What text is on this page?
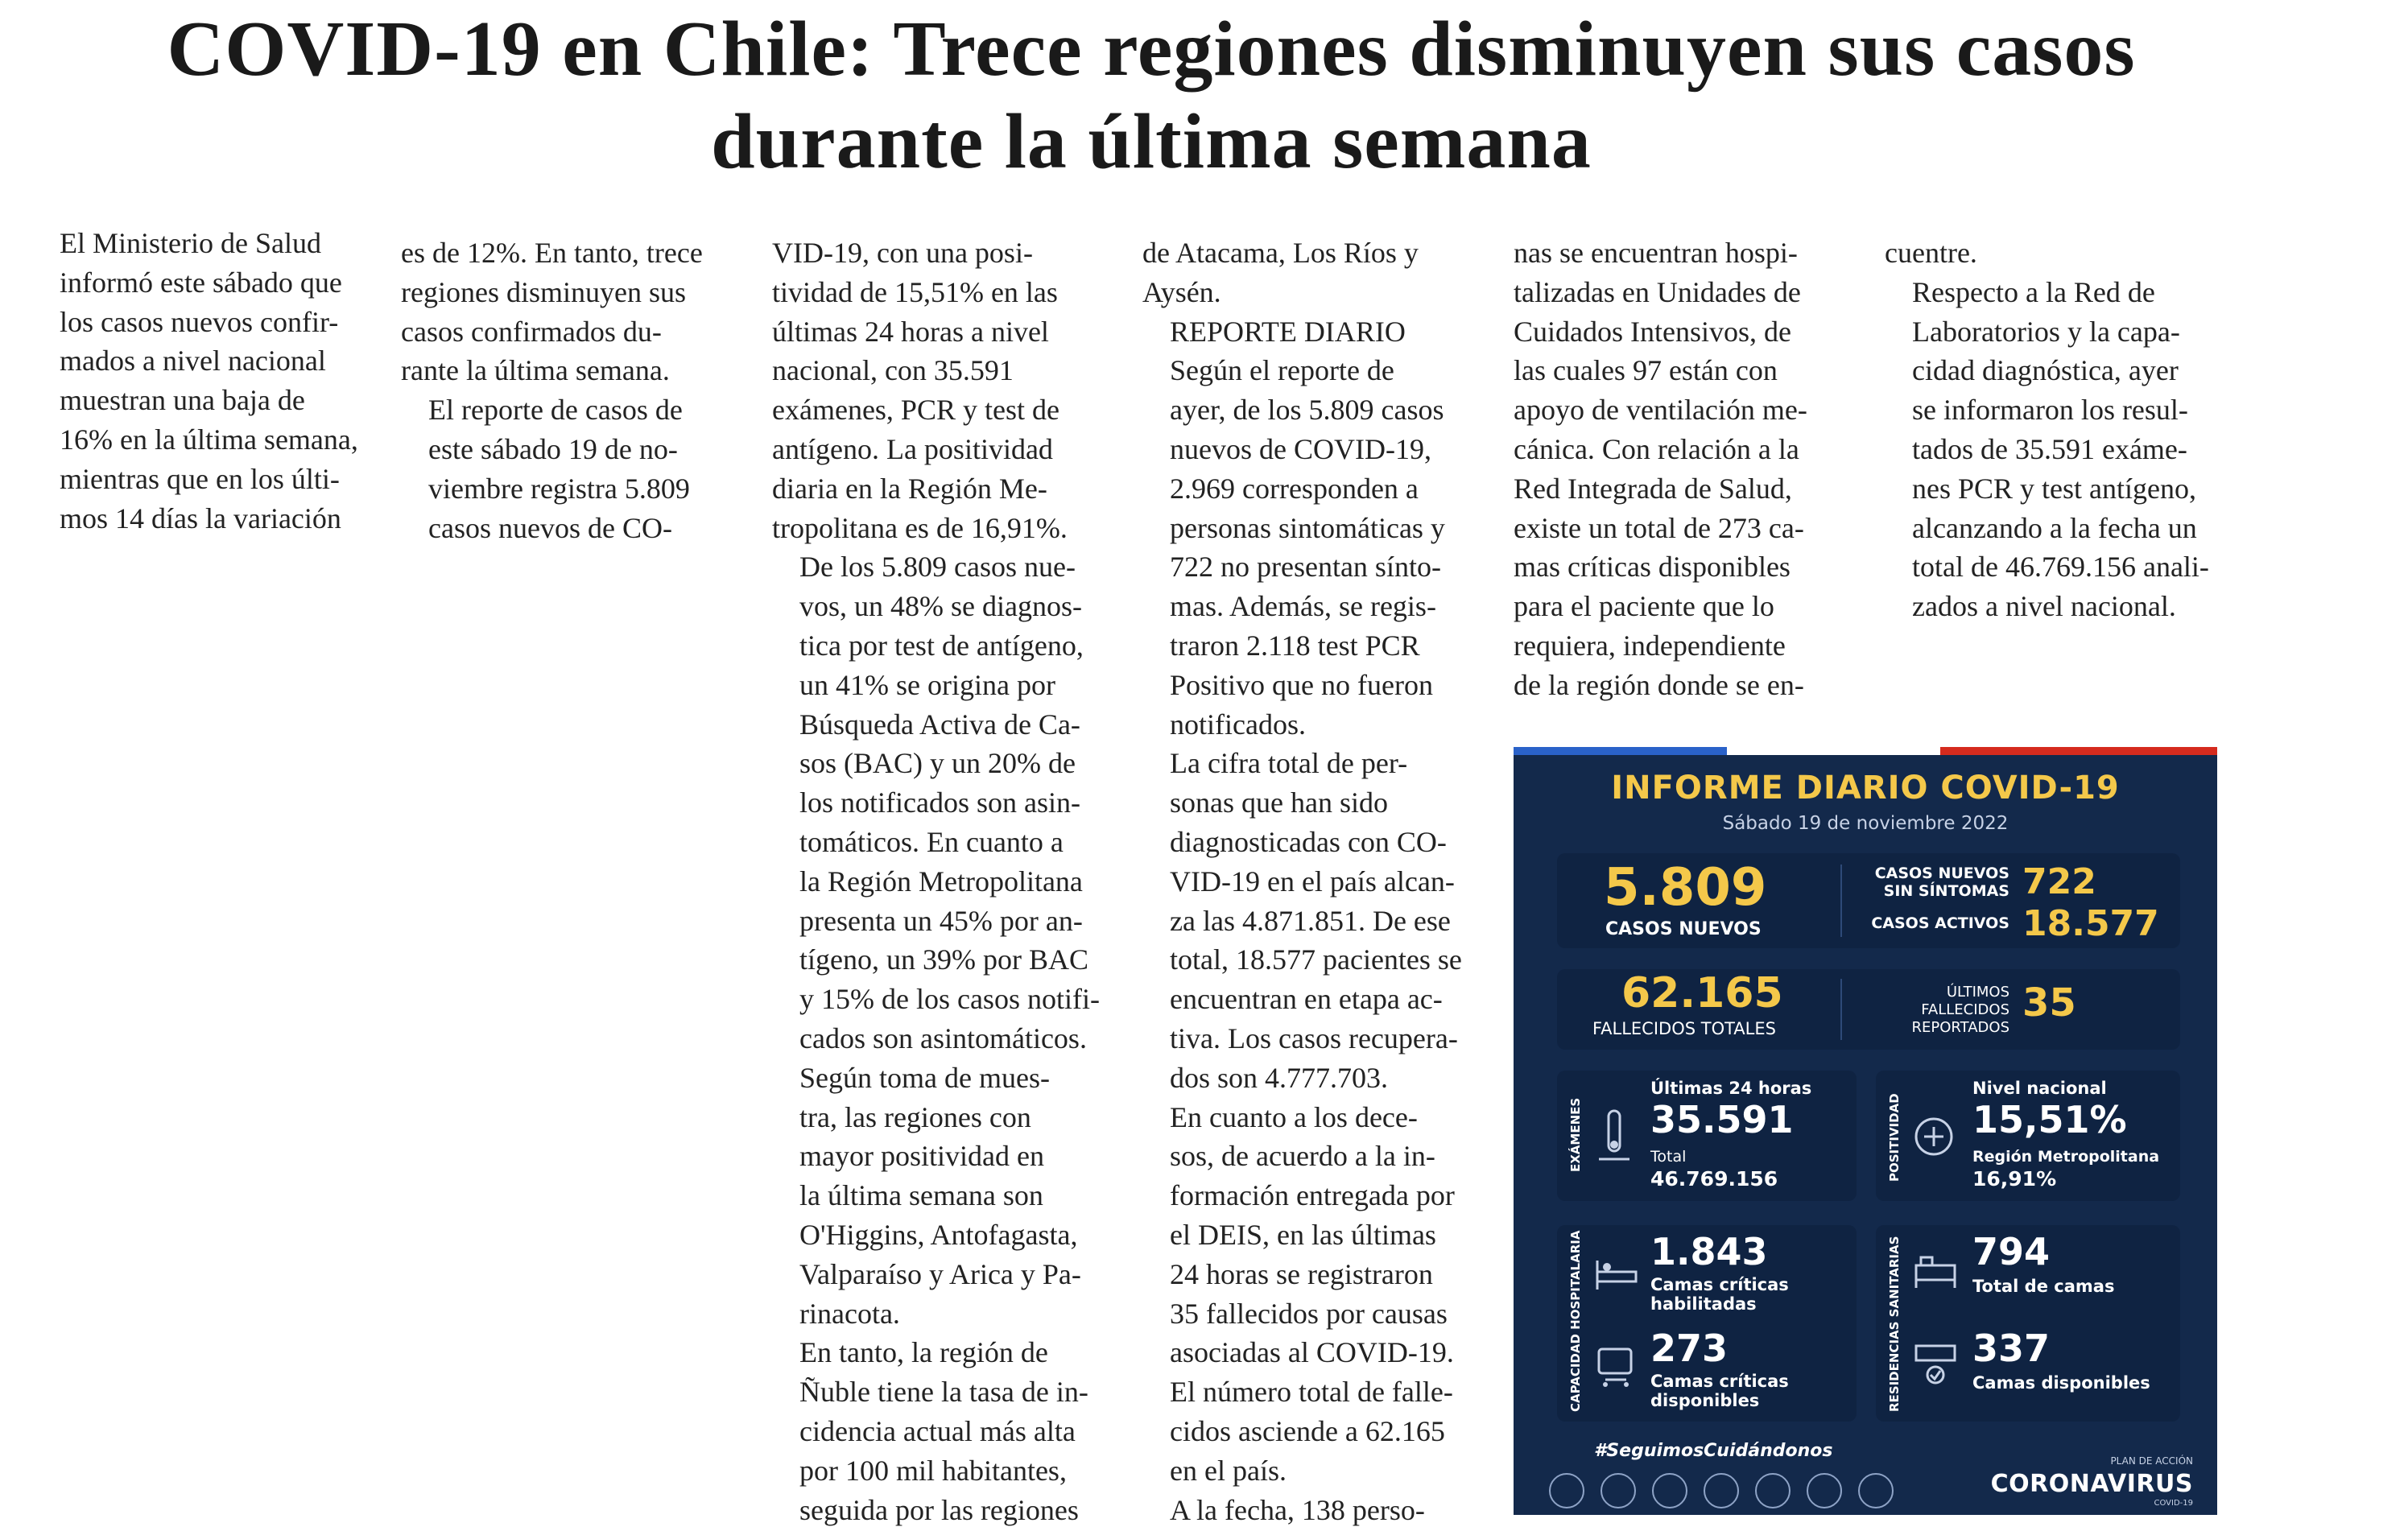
COVID-19 en Chile: Trece regiones disminuyen sus casos
durante la última semana

El Ministerio de Salud
informó este sábado que
los casos nuevos confir-
mados a nivel nacional
muestran una baja de
16% en la última semana,
mientras que en los últi-
mos 14 días la variación

es de 12%. En tanto, trece
regiones disminuyen sus
casos confirmados du-
rante la última semana.

El reporte de casos de
este sábado 19 de no-
viembre registra 5.809
casos nuevos de CO-

VID-19, con una posi-
tividad de 15,51% en las
últimas 24 horas a nivel
nacional, con 35.591
exámenes, PCR y test de
antígeno. La positividad
diaria en la Región Me-
tropolitana es de 16,91%.

De los 5.809 casos nue-
vos, un 48% se diagnos-
tica por test de antígeno,
un 41% se origina por
Búsqueda Activa de Ca-
sos (BAC) y un 20% de
los notificados son asin-
tomáticos. En cuanto a
la Región Metropolitana
presenta un 45% por an-
tígeno, un 39% por BAC
y 15% de los casos notifi-
cados son asintomáticos.

Según toma de mues-
tra, las regiones con
mayor positividad en
la última semana son
O'Higgins, Antofagasta,
Valparaíso y Arica y Pa-
rinacota.

En tanto, la región de
Ñuble tiene la tasa de in-
cidencia actual más alta
por 100 mil habitantes,
seguida por las regiones

de Atacama, Los Ríos y
Aysén.

REPORTE DIARIO

Según el reporte de
ayer, de los 5.809 casos
nuevos de COVID-19,
2.969 corresponden a
personas sintomáticas y
722 no presentan sínto-
mas. Además, se regis-
traron 2.118 test PCR
Positivo que no fueron
notificados.

La cifra total de per-
sonas que han sido
diagnosticadas con CO-
VID-19 en el país alcan-
za las 4.871.851. De ese
total, 18.577 pacientes se
encuentran en etapa ac-
tiva. Los casos recupera-
dos son 4.777.703.

En cuanto a los dece-
sos, de acuerdo a la in-
formación entregada por
el DEIS, en las últimas
24 horas se registraron
35 fallecidos por causas
asociadas al COVID-19.
El número total de falle-
cidos asciende a 62.165
en el país.

A la fecha, 138 perso-

nas se encuentran hospi-
talizadas en Unidades de
Cuidados Intensivos, de
las cuales 97 están con
apoyo de ventilación me-
cánica. Con relación a la
Red Integrada de Salud,
existe un total de 273 ca-
mas críticas disponibles
para el paciente que lo
requiera, independiente
de la región donde se en-

cuentre.

Respecto a la Red de
Laboratorios y la capa-
cidad diagnóstica, ayer
se informaron los resul-
tados de 35.591 exáme-
nes PCR y test antígeno,
alcanzando a la fecha un
total de 46.769.156 anali-
zados a nivel nacional.

INFORME DIARIO COVID-19
Sábado 19 de noviembre 2022
5.809
CASOS NUEVOS
CASOS NUEVOS
SIN SÍNTOMAS 722
CASOS ACTIVOS 18.577
62.165
FALLECIDOS TOTALES
ÚLTIMOS
FALLECIDOS
REPORTADOS
35
EXÁMENES
Últimas 24 horas
35.591
Total
46.769.156	POSITIVIDAD
Nivel nacional
15,51%
Región Metropolitana
16,91%
CAPACIDAD HOSPITALARIA 1.843
Camas críticas
habilitadas
273
Camas críticas
disponibles	RESIDENCIAS SANITARIAS 794
Total de camas
337
Camas disponibles
#SeguimosCuidándonos	PLAN DE ACCIÓN
CORONAVIRUS
COVID-19
